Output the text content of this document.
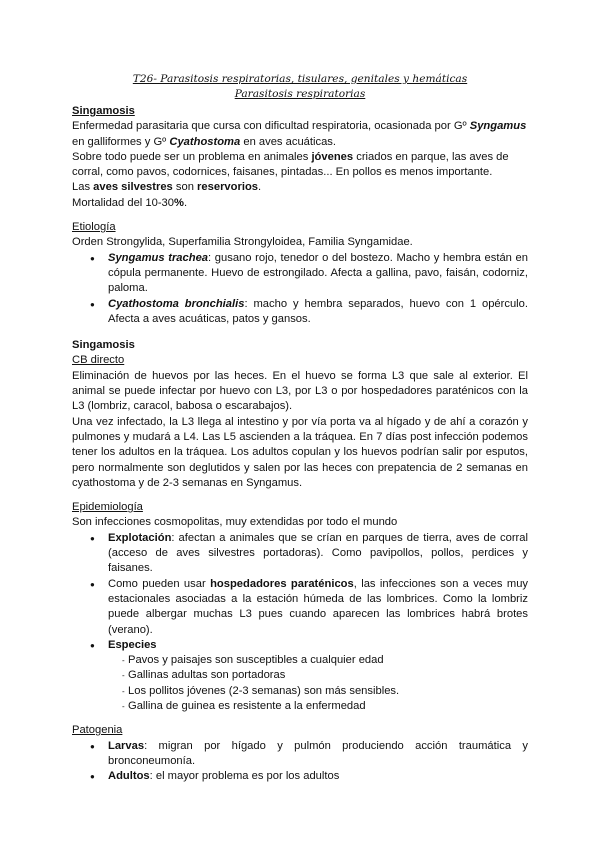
T26- Parasitosis respiratorias, tisulares, genitales y hemáticas
Parasitosis respiratorias
Singamosis

Enfermedad parasitaria que cursa con dificultad respiratoria, ocasionada por Gº Syngamus en galliformes y Gº Cyathostoma en aves acuáticas.

Sobre todo puede ser un problema en animales jóvenes criados en parque, las aves de corral, como pavos, codornices, faisanes, pintadas... En pollos es menos importante.

Las aves silvestres son reservorios.

Mortalidad del 10-30%.

Etiología

Orden Strongylida, Superfamilia Strongyloidea, Familia Syngamidae.

● Syngamus trachea: gusano rojo, tenedor o del bostezo. Macho y hembra están en cópula permanente. Huevo de estrongilado. Afecta a gallina, pavo, faisán, codorniz, paloma.
● Cyathostoma bronchialis: macho y hembra separados, huevo con 1 opérculo. Afecta a aves acuáticas, patos y gansos.
Singamosis
CB directo

Eliminación de huevos por las heces. En el huevo se forma L3 que sale al exterior. El animal se puede infectar por huevo con L3, por L3 o por hospedadores paraténicos con la L3 (lombriz, caracol, babosa o escarabajos).

Una vez infectado, la L3 llega al intestino y por vía porta va al hígado y de ahí a corazón y pulmones y mudará a L4. Las L5 ascienden a la tráquea. En 7 días post infección podemos tener los adultos en la tráquea. Los adultos copulan y los huevos podrían salir por esputos, pero normalmente son deglutidos y salen por las heces con prepatencia de 2 semanas en cyathostoma y de 2-3 semanas en Syngamus.

Epidemiología

Son infecciones cosmopolitas, muy extendidas por todo el mundo

● Explotación: afectan a animales que se crían en parques de tierra, aves de corral (acceso de aves silvestres portadoras). Como pavipollos, pollos, perdices y faisanes.
● Como pueden usar hospedadores paraténicos, las infecciones son a veces muy estacionales asociadas a la estación húmeda de las lombrices. Como la lombriz puede albergar muchas L3 pues cuando aparecen las lombrices habrá brotes (verano).
● Especies
- Pavos y paisajes son susceptibles a cualquier edad
- Gallinas adultas son portadoras
- Los pollitos jóvenes (2-3 semanas) son más sensibles.
- Gallina de guinea es resistente a la enfermedad
Patogenia
● Larvas: migran por hígado y pulmón produciendo acción traumática y bronconeumonía.
● Adultos: el mayor problema es por los adultos
